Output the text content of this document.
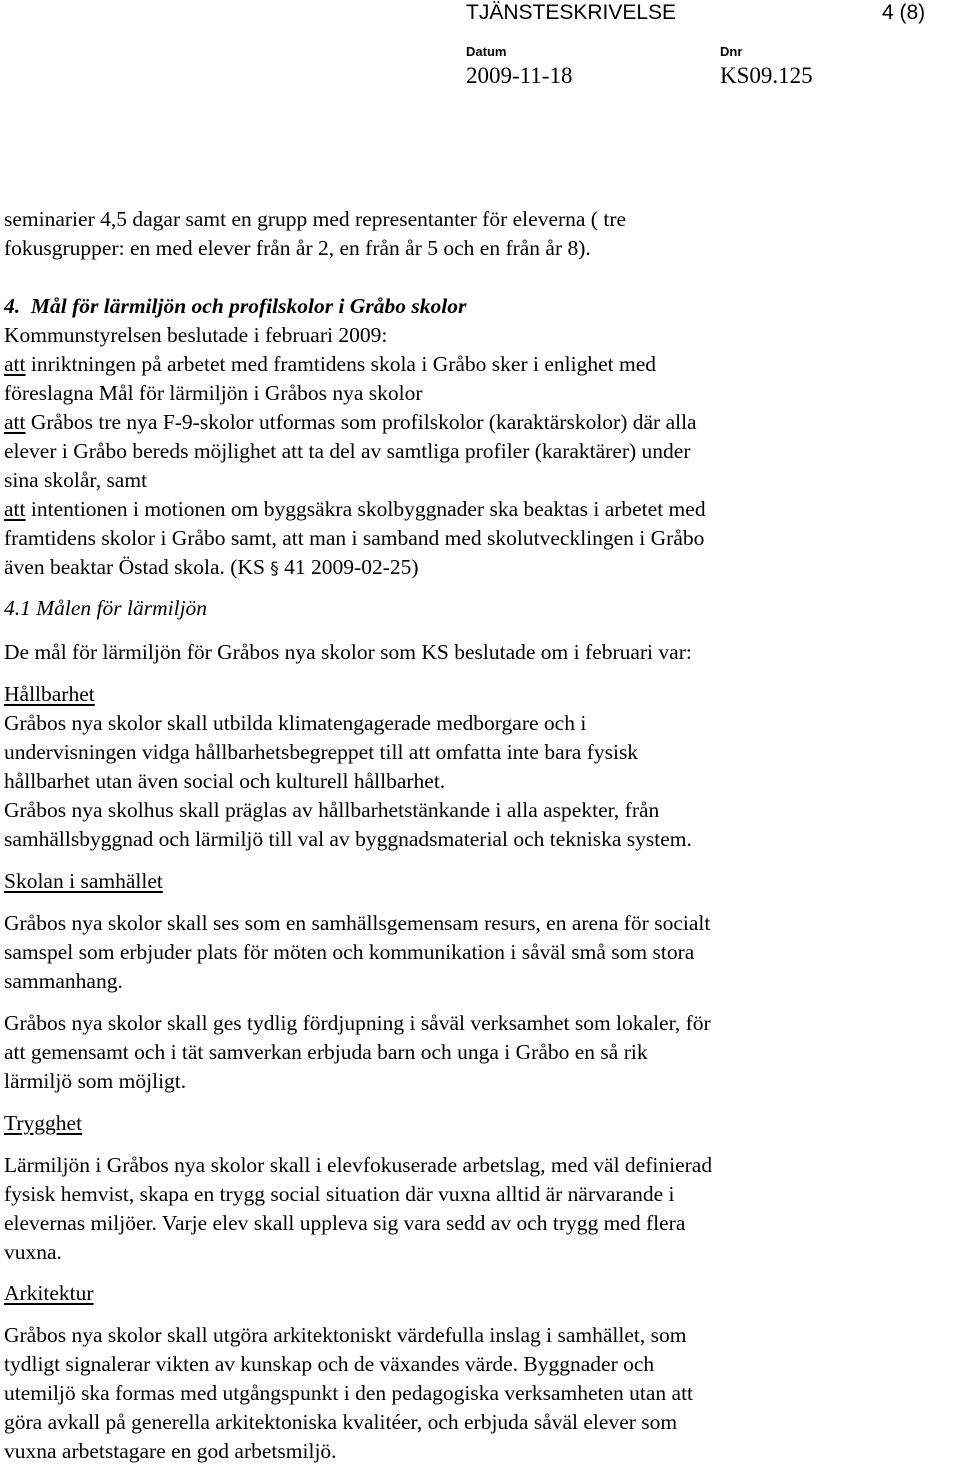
TJÄNSTESKRIVELSE	4 (8)
Datum
2009-11-18
Dnr
KS09.125

seminarier 4,5 dagar samt en grupp med representanter för eleverna ( tre

fokusgrupper: en med elever från år 2, en från år 5 och en från år 8).

4. Mål för lärmiljön och profilskolor i Gråbo skolor

Kommunstyrelsen beslutade i februari 2009:

att inriktningen på arbetet med framtidens skola i Gråbo sker i enlighet med

föreslagna Mål för lärmiljön i Gråbos nya skolor

att Gråbos tre nya F-9-skolor utformas som profilskolor (karaktärskolor) där alla

elever i Gråbo bereds möjlighet att ta del av samtliga profiler (karaktärer) under

sina skolår, samt

att intentionen i motionen om byggsäkra skolbyggnader ska beaktas i arbetet med

framtidens skolor i Gråbo samt, att man i samband med skolutvecklingen i Gråbo

även beaktar Östad skola. (KS § 41 2009-02-25)

4.1 Målen för lärmiljön

De mål för lärmiljön för Gråbos nya skolor som KS beslutade om i februari var:

Hållbarhet

Gråbos nya skolor skall utbilda klimatengagerade medborgare och i

undervisningen vidga hållbarhetsbegreppet till att omfatta inte bara fysisk

hållbarhet utan även social och kulturell hållbarhet.

Gråbos nya skolhus skall präglas av hållbarhetstänkande i alla aspekter, från

samhällsbyggnad och lärmiljö till val av byggnadsmaterial och tekniska system.

Skolan i samhället

Gråbos nya skolor skall ses som en samhällsgemensam resurs, en arena för socialt

samspel som erbjuder plats för möten och kommunikation i såväl små som stora

sammanhang.

Gråbos nya skolor skall ges tydlig fördjupning i såväl verksamhet som lokaler, för

att gemensamt och i tät samverkan erbjuda barn och unga i Gråbo en så rik

lärmiljö som möjligt.

Trygghet

Lärmiljön i Gråbos nya skolor skall i elevfokuserade arbetslag, med väl definierad

fysisk hemvist, skapa en trygg social situation där vuxna alltid är närvarande i

elevernas miljöer. Varje elev skall uppleva sig vara sedd av och trygg med flera

vuxna.

Arkitektur

Gråbos nya skolor skall utgöra arkitektoniskt värdefulla inslag i samhället, som

tydligt signalerar vikten av kunskap och de växandes värde. Byggnader och

utemiljö ska formas med utgångspunkt i den pedagogiska verksamheten utan att

göra avkall på generella arkitektoniska kvalitéer, och erbjuda såväl elever som

vuxna arbetstagare en god arbetsmiljö.
